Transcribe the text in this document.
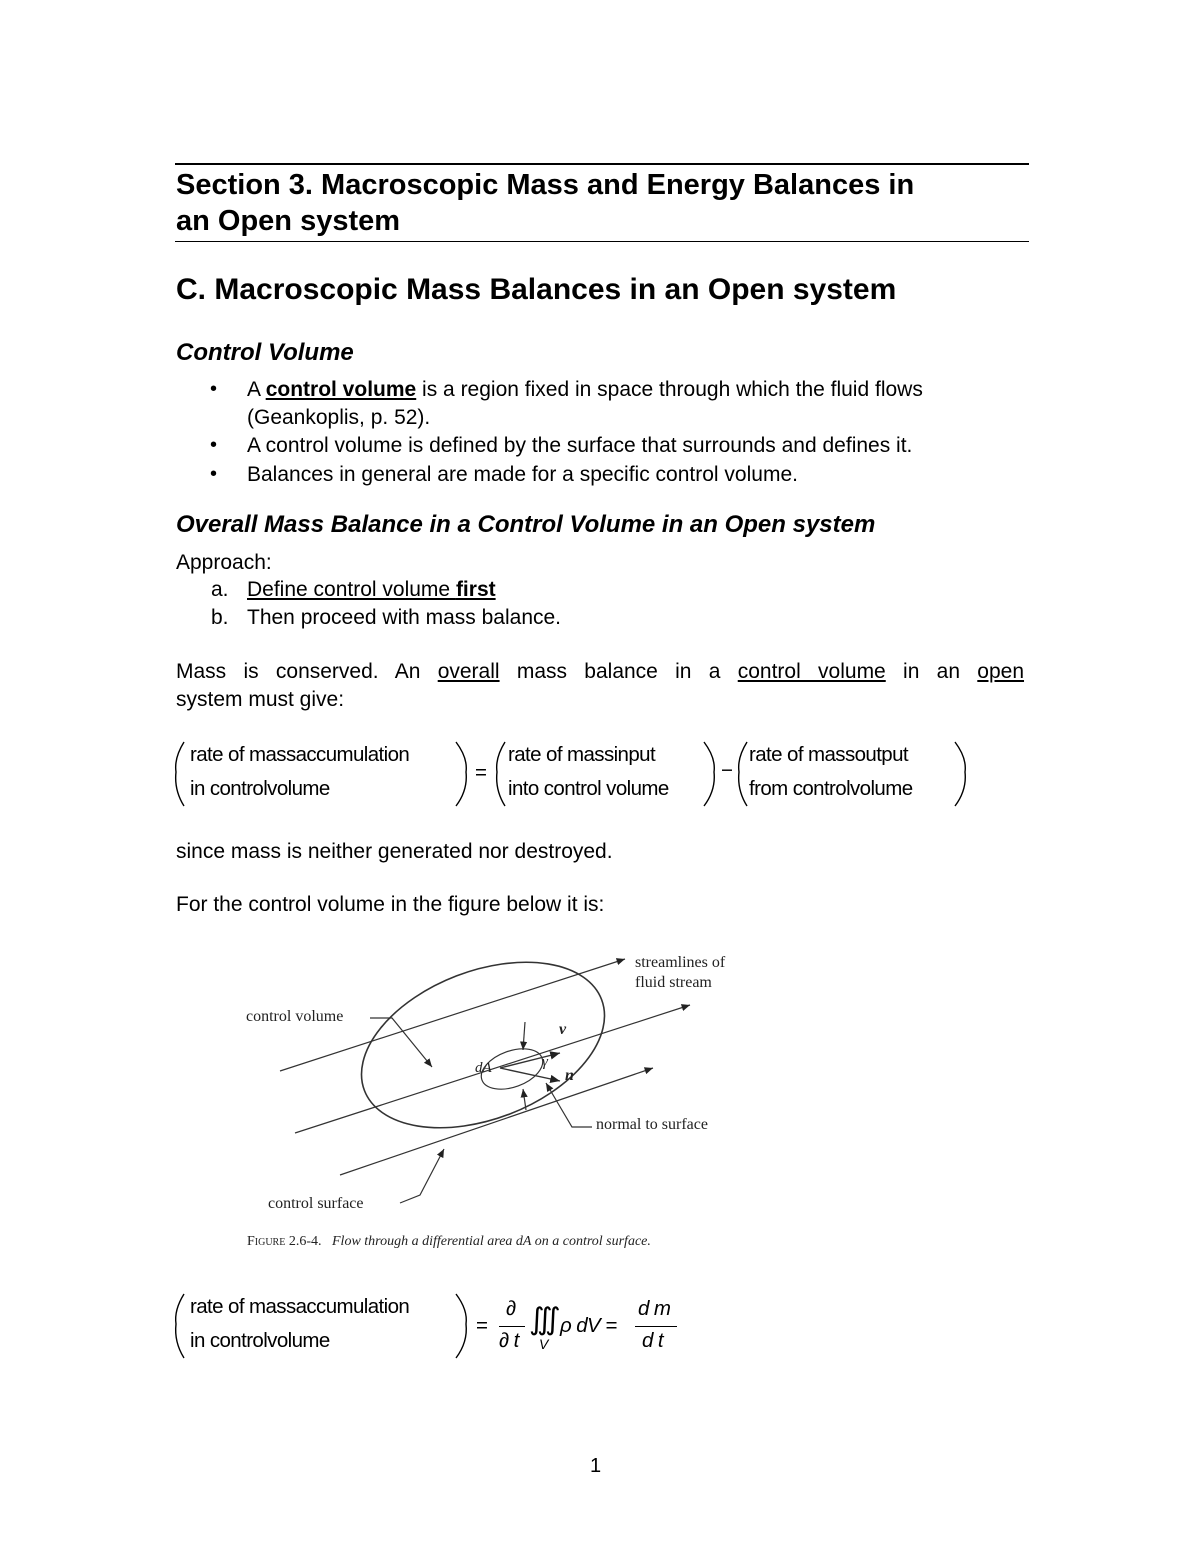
Section 3. Macroscopic Mass and Energy Balances in
an Open system
C. Macroscopic Mass Balances in an Open system
Control Volume
• A control volume is a region fixed in space through which the fluid flows
(Geankoplis, p. 52).
• A control volume is defined by the surface that surrounds and defines it.
• Balances in general are made for a specific control volume.
Overall Mass Balance in a Control Volume in an Open system
Approach:
a. Define control volume first
b. Then proceed with mass balance.
Mass is conserved. An overall mass balance in a control volume in an open
system must give:
rate of massaccumulation
in controlvolume
=
rate of massinput
into control volume
−
rate of massoutput
from controlvolume
since mass is neither generated nor destroyed.
For the control volume in the figure below it is:
streamlines of
fluid stream
control volume
normal to surface
control surface
dA
v
n
γ
Figure 2.6-4. Flow through a differential area dA on a control surface.
rate of massaccumulation
in controlvolume
=
∂
∂ t
∭
V
ρ dV =
d m
d t
1
